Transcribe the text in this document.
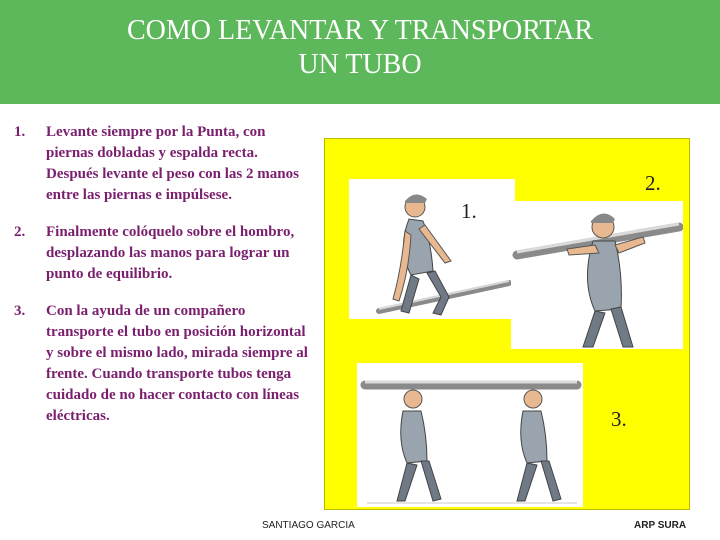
COMO LEVANTAR Y TRANSPORTAR
UN TUBO
1. Levante siempre por la Punta, con piernas dobladas y espalda recta. Después levante el peso con las 2 manos entre las piernas e impúlsese.
2. Finalmente colóquelo sobre el hombro, desplazando las manos para lograr un punto de equilibrio.
3. Con la ayuda de un compañero transporte el tubo en posición horizontal y sobre el mismo lado, mirada siempre al frente. Cuando transporte tubos tenga cuidado de no hacer contacto con líneas eléctricas.
1.
2.
3.
SANTIAGO GARCIA	ARP SURA
